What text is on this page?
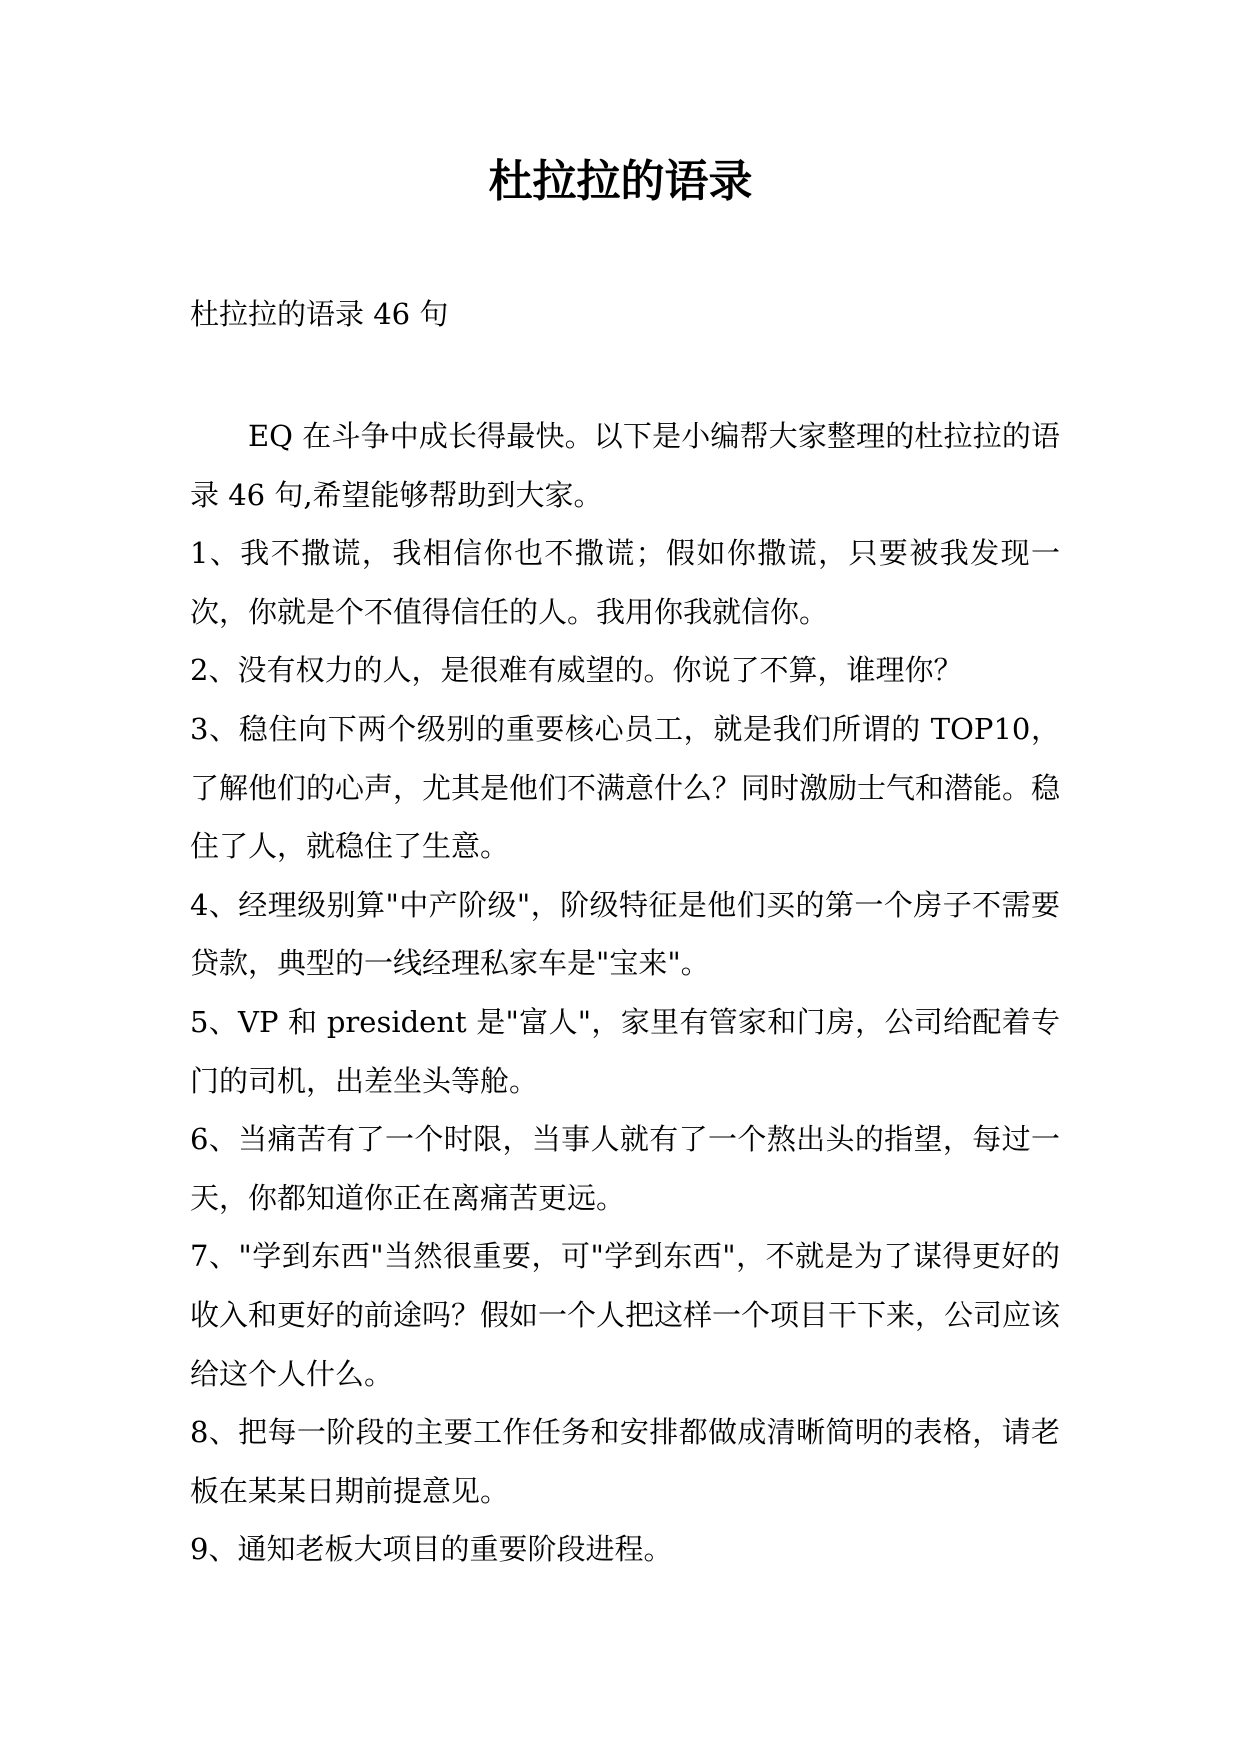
杜拉拉的语录
杜拉拉的语录 46 句

EQ 在斗争中成长得最快。以下是小编帮大家整理的杜拉拉的语录 46 句,希望能够帮助到大家。

1、我不撒谎，我相信你也不撒谎；假如你撒谎，只要被我发现一次，你就是个不值得信任的人。我用你我就信你。

2、没有权力的人，是很难有威望的。你说了不算，谁理你？

3、稳住向下两个级别的重要核心员工，就是我们所谓的 TOP10，了解他们的心声，尤其是他们不满意什么？同时激励士气和潜能。稳住了人，就稳住了生意。

4、经理级别算"中产阶级"，阶级特征是他们买的第一个房子不需要贷款，典型的一线经理私家车是"宝来"。

5、VP 和 president 是"富人"，家里有管家和门房，公司给配着专门的司机，出差坐头等舱。

6、当痛苦有了一个时限，当事人就有了一个熬出头的指望，每过一天，你都知道你正在离痛苦更远。

7、"学到东西"当然很重要，可"学到东西"，不就是为了谋得更好的收入和更好的前途吗？假如一个人把这样一个项目干下来，公司应该给这个人什么。

8、把每一阶段的主要工作任务和安排都做成清晰简明的表格，请老板在某某日期前提意见。

9、通知老板大项目的重要阶段进程。
